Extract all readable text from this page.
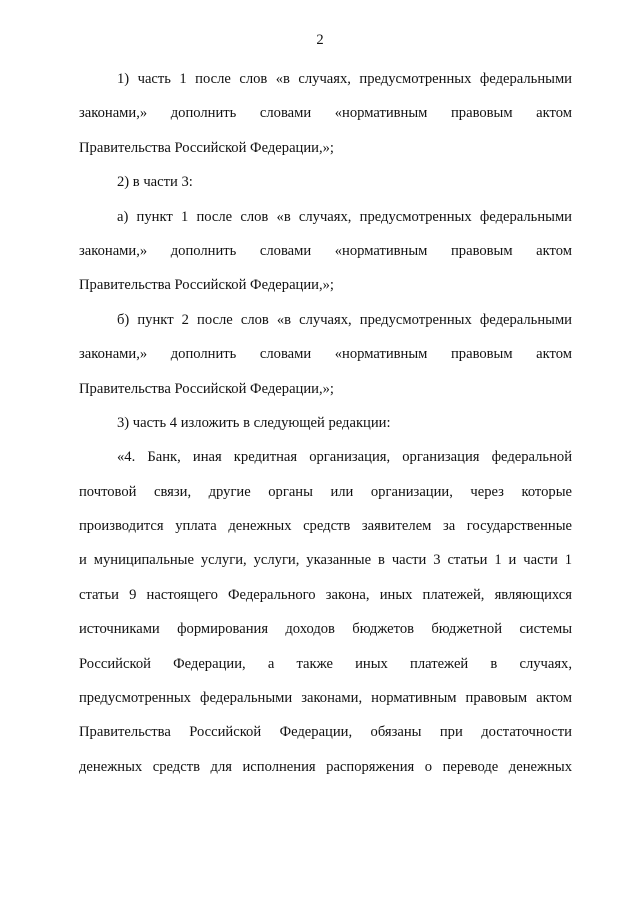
2
1) часть 1 после слов «в случаях, предусмотренных федеральными
законами,» дополнить словами «нормативным правовым актом
Правительства Российской Федерации,»;
2) в части 3:
а) пункт 1 после слов «в случаях, предусмотренных федеральными
законами,» дополнить словами «нормативным правовым актом
Правительства Российской Федерации,»;
б) пункт 2 после слов «в случаях, предусмотренных федеральными
законами,» дополнить словами «нормативным правовым актом
Правительства Российской Федерации,»;
3) часть 4 изложить в следующей редакции:
«4. Банк, иная кредитная организация, организация федеральной
почтовой связи, другие органы или организации, через которые
производится уплата денежных средств заявителем за государственные
и муниципальные услуги, услуги, указанные в части 3 статьи 1 и части 1
статьи 9 настоящего Федерального закона, иных платежей, являющихся
источниками формирования доходов бюджетов бюджетной системы
Российской Федерации, а также иных платежей в случаях,
предусмотренных федеральными законами, нормативным правовым актом
Правительства Российской Федерации, обязаны при достаточности
денежных средств для исполнения распоряжения о переводе денежных
